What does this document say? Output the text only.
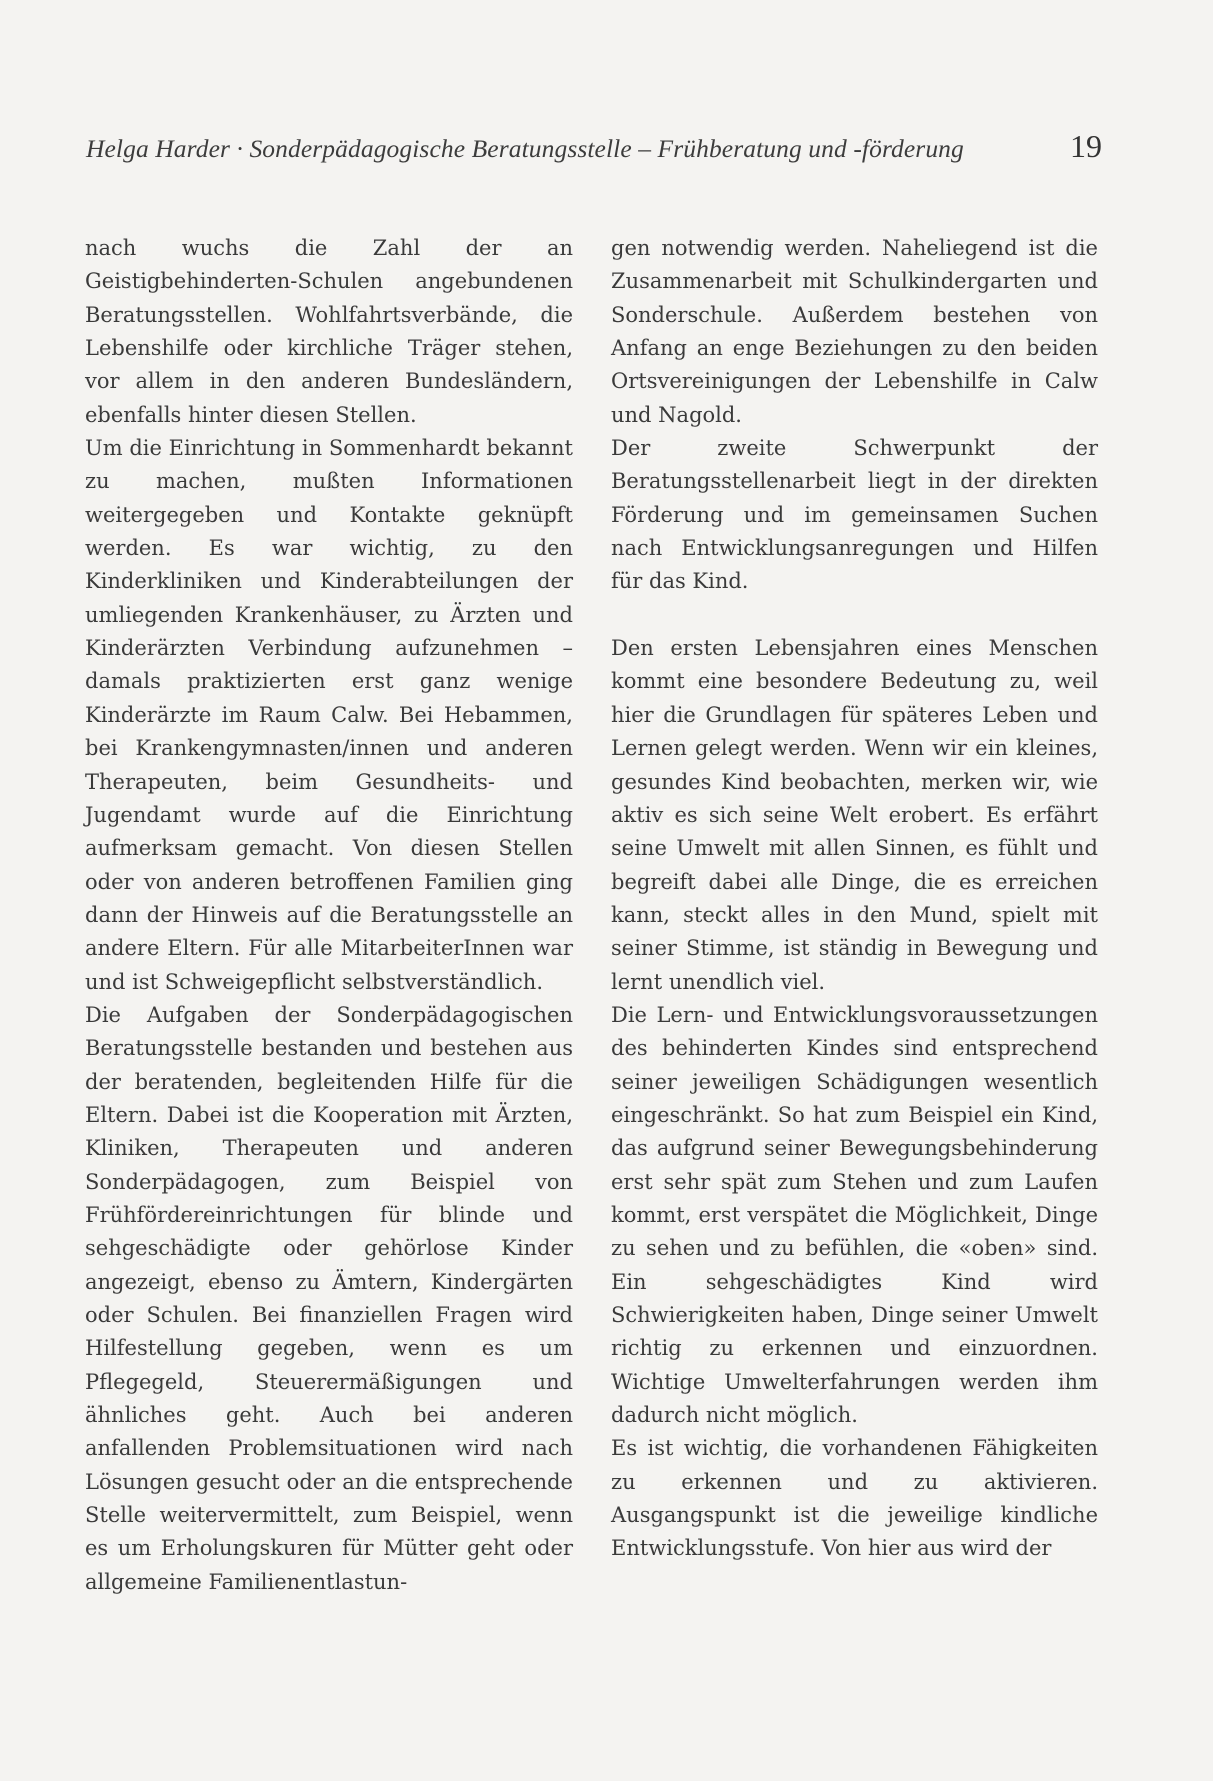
Helga Harder · Sonderpädagogische Beratungsstelle – Frühberatung und -förderung	19

nach wuchs die Zahl der an Geistigbehinderten-Schulen angebundenen Beratungsstellen. Wohlfahrtsverbände, die Lebenshilfe oder kirchliche Träger stehen, vor allem in den anderen Bundesländern, ebenfalls hinter diesen Stellen.

Um die Einrichtung in Sommenhardt bekannt zu machen, mußten Informationen weitergegeben und Kontakte geknüpft werden. Es war wichtig, zu den Kinderkliniken und Kinderabteilungen der umliegenden Krankenhäuser, zu Ärzten und Kinderärzten Verbindung aufzunehmen – damals praktizierten erst ganz wenige Kinderärzte im Raum Calw. Bei Hebammen, bei Krankengymnasten/innen und anderen Therapeuten, beim Gesundheits- und Jugendamt wurde auf die Einrichtung aufmerksam gemacht. Von diesen Stellen oder von anderen betroffenen Familien ging dann der Hinweis auf die Beratungsstelle an andere Eltern. Für alle MitarbeiterInnen war und ist Schweigepflicht selbstverständlich.

Die Aufgaben der Sonderpädagogischen Beratungsstelle bestanden und bestehen aus der beratenden, begleitenden Hilfe für die Eltern. Dabei ist die Kooperation mit Ärzten, Kliniken, Therapeuten und anderen Sonderpädagogen, zum Beispiel von Frühfördereinrichtungen für blinde und sehgeschädigte oder gehörlose Kinder angezeigt, ebenso zu Ämtern, Kindergärten oder Schulen. Bei finanziellen Fragen wird Hilfestellung gegeben, wenn es um Pflegegeld, Steuerermäßigungen und ähnliches geht. Auch bei anderen anfallenden Problemsituationen wird nach Lösungen gesucht oder an die entsprechende Stelle weitervermittelt, zum Beispiel, wenn es um Erholungskuren für Mütter geht oder allgemeine Familienentlastun-

gen notwendig werden. Naheliegend ist die Zusammenarbeit mit Schulkindergarten und Sonderschule. Außerdem bestehen von Anfang an enge Beziehungen zu den beiden Ortsvereinigungen der Lebenshilfe in Calw und Nagold.

Der zweite Schwerpunkt der Beratungsstellenarbeit liegt in der direkten Förderung und im gemeinsamen Suchen nach Entwicklungsanregungen und Hilfen für das Kind.

Den ersten Lebensjahren eines Menschen kommt eine besondere Bedeutung zu, weil hier die Grundlagen für späteres Leben und Lernen gelegt werden. Wenn wir ein kleines, gesundes Kind beobachten, merken wir, wie aktiv es sich seine Welt erobert. Es erfährt seine Umwelt mit allen Sinnen, es fühlt und begreift dabei alle Dinge, die es erreichen kann, steckt alles in den Mund, spielt mit seiner Stimme, ist ständig in Bewegung und lernt unendlich viel.

Die Lern- und Entwicklungsvoraussetzungen des behinderten Kindes sind entsprechend seiner jeweiligen Schädigungen wesentlich eingeschränkt. So hat zum Beispiel ein Kind, das aufgrund seiner Bewegungsbehinderung erst sehr spät zum Stehen und zum Laufen kommt, erst verspätet die Möglichkeit, Dinge zu sehen und zu befühlen, die «oben» sind. Ein sehgeschädigtes Kind wird Schwierigkeiten haben, Dinge seiner Umwelt richtig zu erkennen und einzuordnen. Wichtige Umwelterfahrungen werden ihm dadurch nicht möglich.

Es ist wichtig, die vorhandenen Fähigkeiten zu erkennen und zu aktivieren. Ausgangspunkt ist die jeweilige kindliche Entwicklungsstufe. Von hier aus wird der
